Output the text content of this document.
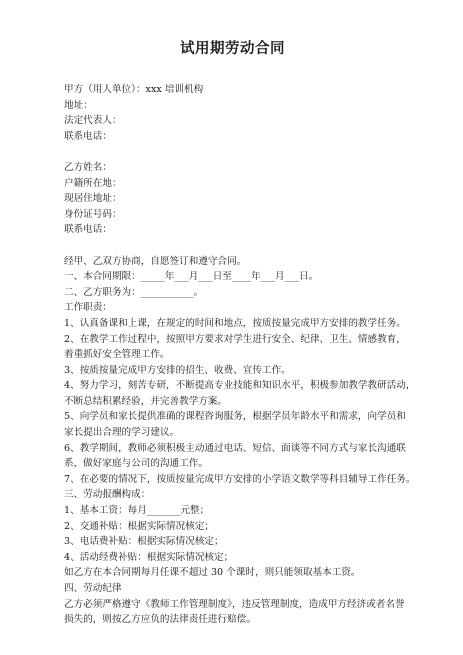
试用期劳动合同
甲方（用人单位）：xxx 培训机构
地址：
法定代表人：
联系电话：
乙方姓名：
户籍所在地：
现居住地址：
身份证号码：
联系电话：
经甲、乙双方协商，自愿签订和遵守合同。
一、本合同期限：_____年___月___日至____年___月___日。
二、乙方职务为：___________。
工作职责：
1、认真备课和上课，在规定的时间和地点，按质按量完成甲方安排的教学任务。
2、在教学工作过程中，按照甲方要求对学生进行安全、纪律、卫生、情感教育，
着重抓好安全管理工作。
3、按质按量完成甲方安排的招生、收费、宣传工作。
4、努力学习，刻苦专研，不断提高专业技能和知识水平，积极参加教学教研活动，
不断总结积累经验，并完善教学方案。
5、向学员和家长提供准确的课程咨询服务，根据学员年龄水平和需求，向学员和
家长提出合理的学习建议。
6、教学期间，教师必须积极主动通过电话、短信、面谈等不同方式与家长沟通联
系，做好家庭与公司的沟通工作。
7、在必要的情况下，按质按量完成甲方安排的小学语文数学等科目辅导工作任务。
三、劳动报酬构成：
1、基本工资：每月_______元整；
2、交通补贴：根据实际情况核定；
3、电话费补贴：根据实际情况核定；
4、活动经费补贴：根据实际情况核定；
如乙方在本合同期每月任课不超过 30 个课时，则只能领取基本工资。
四、劳动纪律
乙方必须严格遵守《教师工作管理制度》，违反管理制度，造成甲方经济或者名誉
损失的，则按乙方应负的法律责任进行赔偿。
